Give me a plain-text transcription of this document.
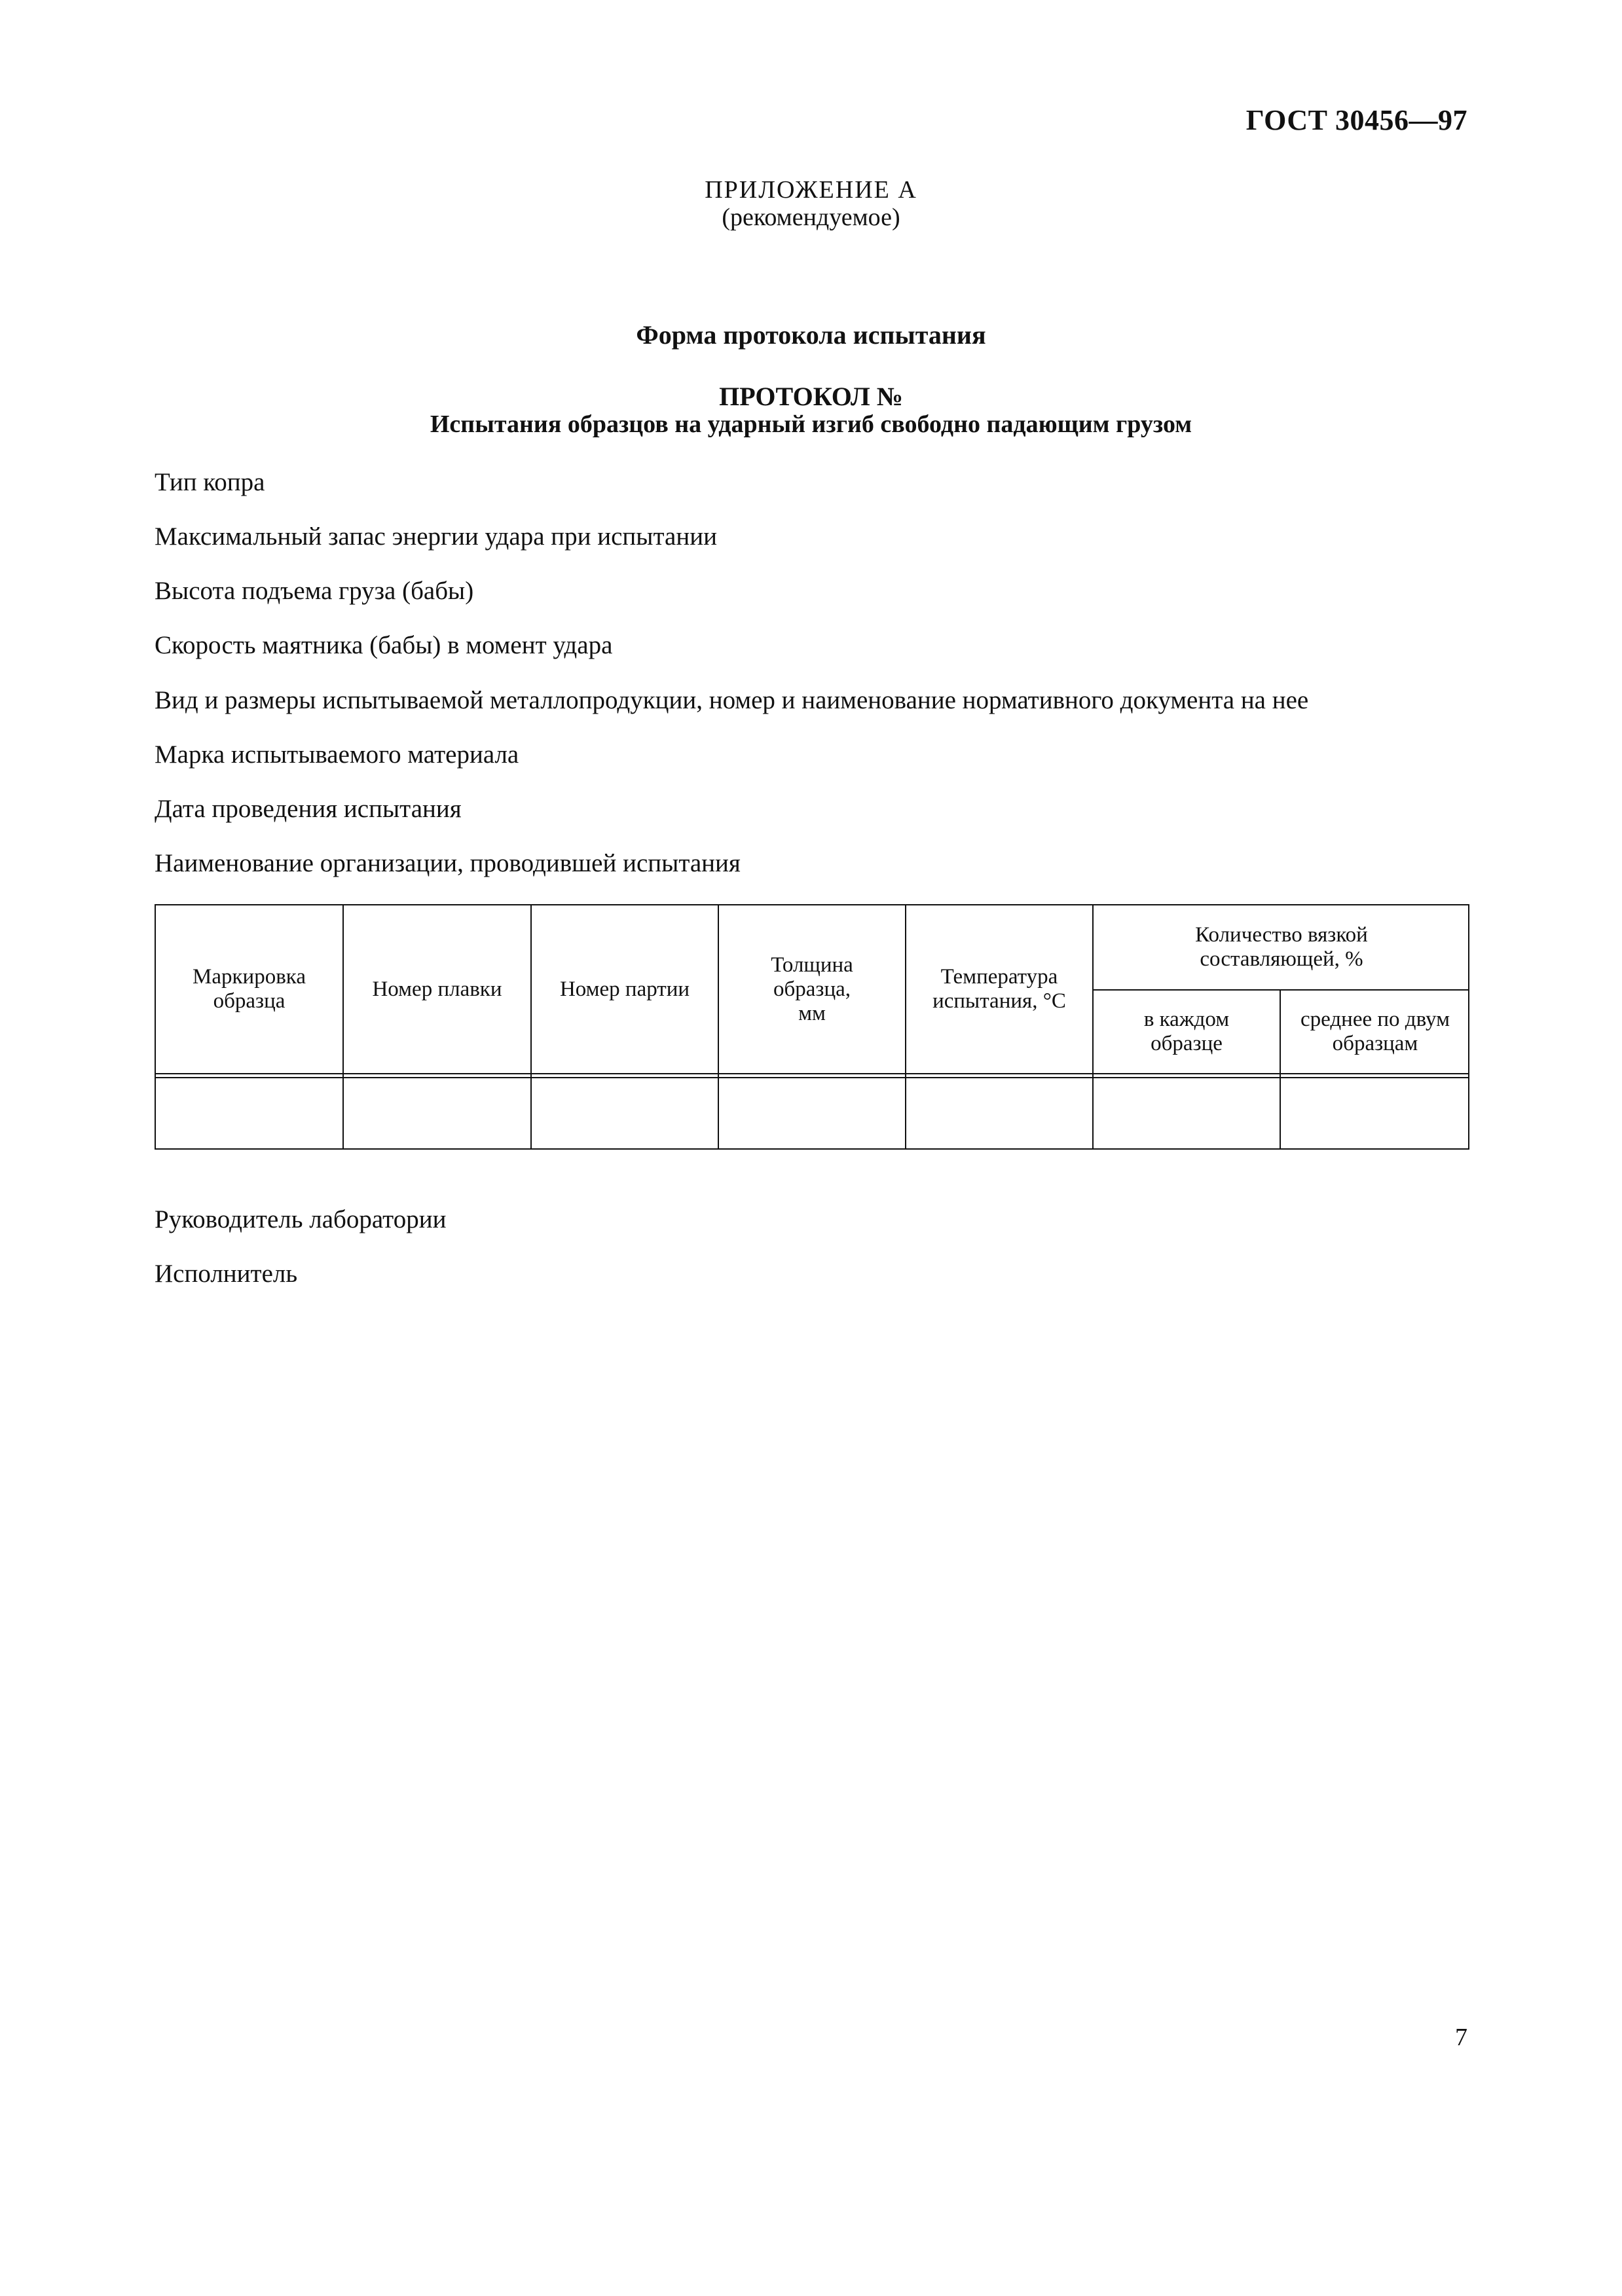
ГОСТ 30456—97
ПРИЛОЖЕНИЕ А
(рекомендуемое)
Форма протокола испытания
ПРОТОКОЛ №
Испытания образцов на ударный изгиб свободно падающим грузом
Тип копра
Максимальный запас энергии удара при испытании
Высота подъема груза (бабы)
Скорость маятника (бабы) в момент удара
Вид и размеры испытываемой металлопродукции, номер и наименование нормативного документа на нее
Марка испытываемого материала
Дата проведения испытания
Наименование организации, проводившей испытания
Маркировка образца
Номер плавки	Номер партии
Толщина образца, мм
Температура испытания, °С
Количество вязкой составляющей, %
в каждом образце
среднее по двум образцам
Руководитель лаборатории
Исполнитель
7
